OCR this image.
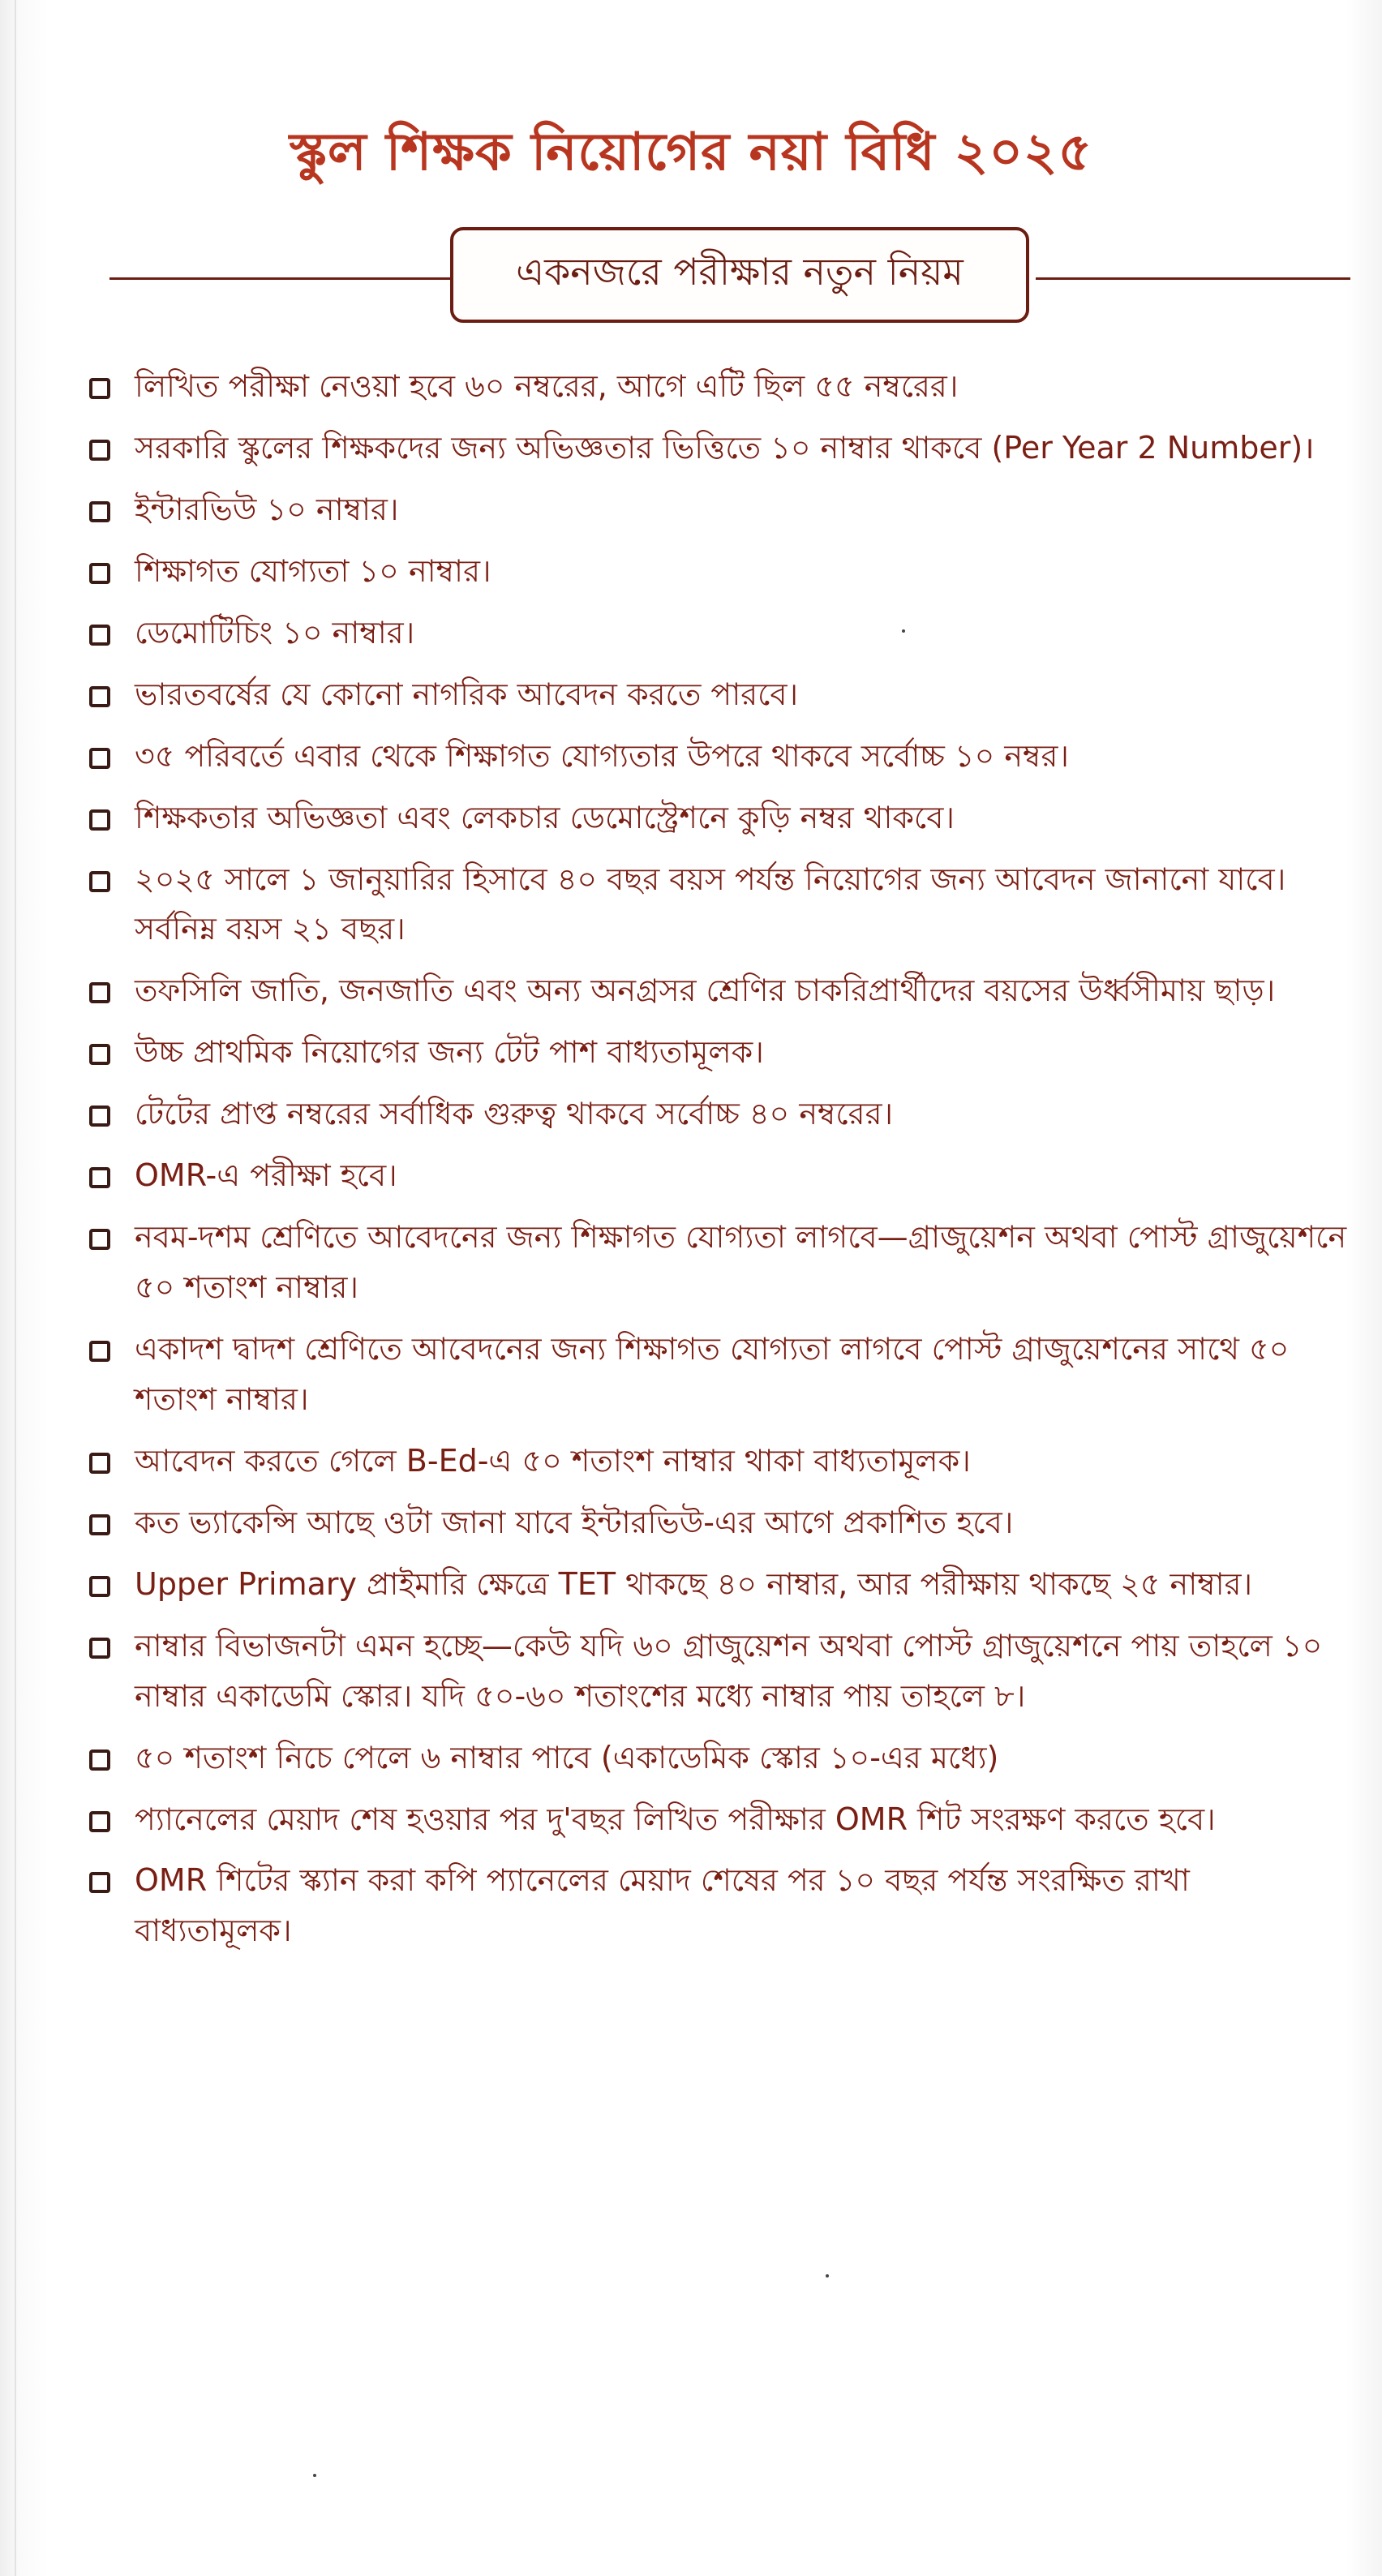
স্কুল শিক্ষক নিয়োগের নয়া বিধি ২০২৫
একনজরে পরীক্ষার নতুন নিয়ম
লিখিত পরীক্ষা নেওয়া হবে ৬০ নম্বরের, আগে এটি ছিল ৫৫ নম্বরের।
সরকারি স্কুলের শিক্ষকদের জন্য অভিজ্ঞতার ভিত্তিতে ১০ নাম্বার থাকবে (Per Year 2 Number)।
ইন্টারভিউ ১০ নাম্বার।
শিক্ষাগত যোগ্যতা ১০ নাম্বার।
ডেমোটিচিং ১০ নাম্বার।
ভারতবর্ষের যে কোনো নাগরিক আবেদন করতে পারবে।
৩৫ পরিবর্তে এবার থেকে শিক্ষাগত যোগ্যতার উপরে থাকবে সর্বোচ্চ ১০ নম্বর।
শিক্ষকতার অভিজ্ঞতা এবং লেকচার ডেমোস্ট্রেশনে কুড়ি নম্বর থাকবে।
২০২৫ সালে ১ জানুয়ারির হিসাবে ৪০ বছর বয়স পর্যন্ত নিয়োগের জন্য আবেদন জানানো যাবে। সর্বনিম্ন বয়স ২১ বছর।
তফসিলি জাতি, জনজাতি এবং অন্য অনগ্রসর শ্রেণির চাকরিপ্রার্থীদের বয়সের উর্ধ্বসীমায় ছাড়।
উচ্চ প্রাথমিক নিয়োগের জন্য টেট পাশ বাধ্যতামূলক।
টেটের প্রাপ্ত নম্বরের সর্বাধিক গুরুত্ব থাকবে সর্বোচ্চ ৪০ নম্বরের।
OMR-এ পরীক্ষা হবে।
নবম-দশম শ্রেণিতে আবেদনের জন্য শিক্ষাগত যোগ্যতা লাগবে—গ্রাজুয়েশন অথবা পোস্ট গ্রাজুয়েশনে ৫০ শতাংশ নাম্বার।
একাদশ দ্বাদশ শ্রেণিতে আবেদনের জন্য শিক্ষাগত যোগ্যতা লাগবে পোস্ট গ্রাজুয়েশনের সাথে ৫০ শতাংশ নাম্বার।
আবেদন করতে গেলে B-Ed-এ ৫০ শতাংশ নাম্বার থাকা বাধ্যতামূলক।
কত ভ্যাকেন্সি আছে ওটা জানা যাবে ইন্টারভিউ-এর আগে প্রকাশিত হবে।
Upper Primary প্রাইমারি ক্ষেত্রে TET থাকছে ৪০ নাম্বার, আর পরীক্ষায় থাকছে ২৫ নাম্বার।
নাম্বার বিভাজনটা এমন হচ্ছে—কেউ যদি ৬০ গ্রাজুয়েশন অথবা পোস্ট গ্রাজুয়েশনে পায় তাহলে ১০ নাম্বার একাডেমি স্কোর। যদি ৫০-৬০ শতাংশের মধ্যে নাম্বার পায় তাহলে ৮।
৫০ শতাংশ নিচে পেলে ৬ নাম্বার পাবে (একাডেমিক স্কোর ১০-এর মধ্যে)
প্যানেলের মেয়াদ শেষ হওয়ার পর দু'বছর লিখিত পরীক্ষার OMR শিট সংরক্ষণ করতে হবে।
OMR শিটের স্ক্যান করা কপি প্যানেলের মেয়াদ শেষের পর ১০ বছর পর্যন্ত সংরক্ষিত রাখা বাধ্যতামূলক।
